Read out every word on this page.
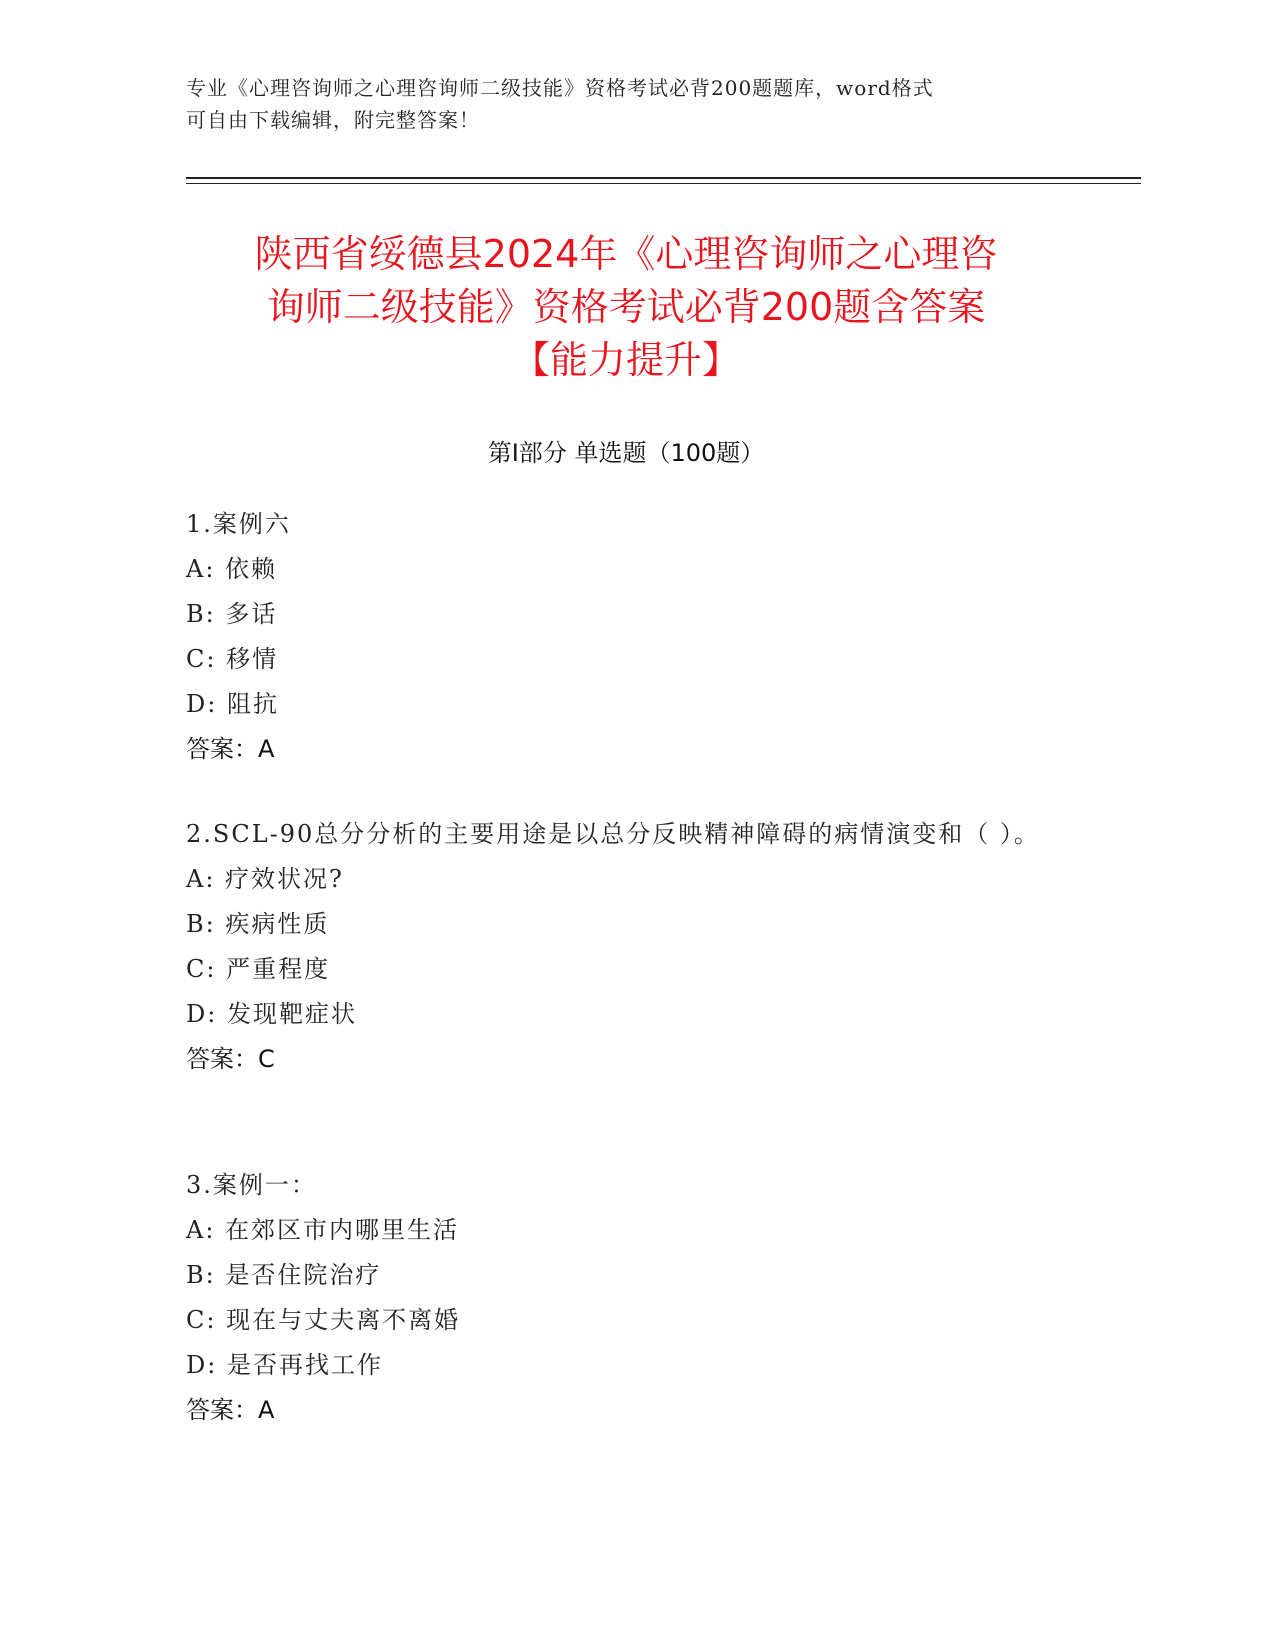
专业《心理咨询师之心理咨询师二级技能》资格考试必背200题题库，word格式
可自由下载编辑，附完整答案！
陕西省绥德县2024年《心理咨询师之心理咨
询师二级技能》资格考试必背200题含答案
【能力提升】
第Ⅰ部分 单选题（100题）
1.案例六
A: 依赖
B: 多话
C: 移情
D: 阻抗
答案：A
2.SCL-90总分分析的主要用途是以总分反映精神障碍的病情演变和（ ）。
A: 疗效状况?
B: 疾病性质
C: 严重程度
D: 发现靶症状
答案：C
3.案例一：
A: 在郊区市内哪里生活
B: 是否住院治疗
C: 现在与丈夫离不离婚
D: 是否再找工作
答案：A
